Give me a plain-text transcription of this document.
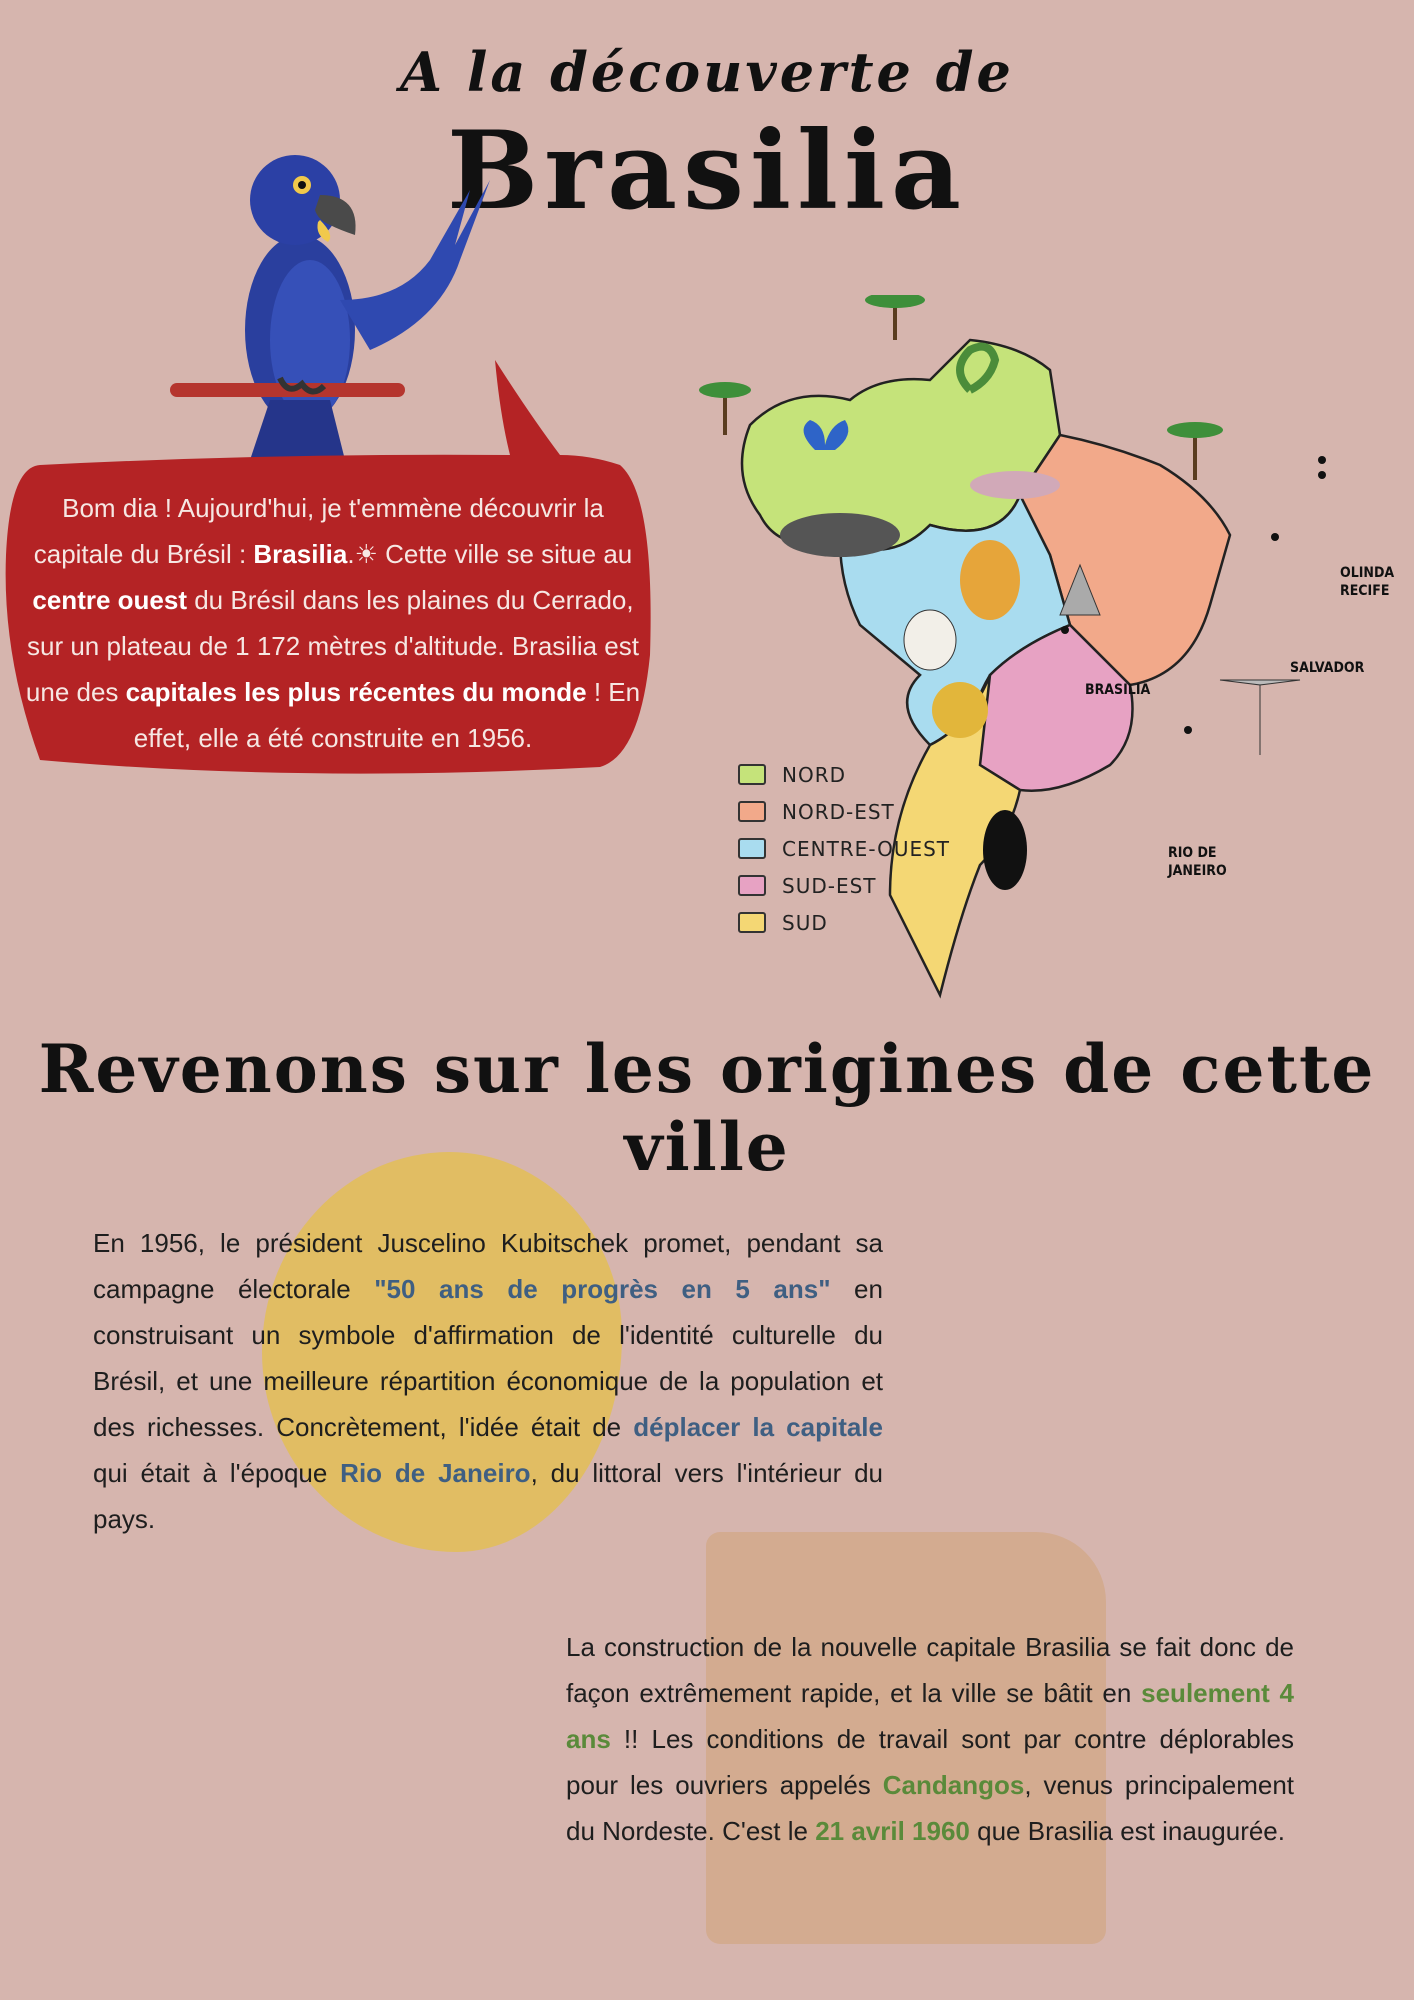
A la découverte de
Brasilia
Bom dia ! Aujourd'hui, je t'emmène découvrir la capitale du Brésil : Brasilia.☀ Cette ville se situe au centre ouest du Brésil dans les plaines du Cerrado, sur un plateau de 1 172 mètres d'altitude. Brasilia est une des capitales les plus récentes du monde ! En effet, elle a été construite en 1956.
OLINDA
RECIFE
SALVADOR
BRASILIA
RIO DE
JANEIRO
NORD
NORD-EST
CENTRE-OUEST
SUD-EST
SUD
Revenons sur les origines de cette ville
En 1956, le président Juscelino Kubitschek promet, pendant sa campagne électorale "50 ans de progrès en 5 ans" en construisant un symbole d'affirmation de l'identité culturelle du Brésil, et une meilleure répartition économique de la population et des richesses. Concrètement, l'idée était de déplacer la capitale qui était à l'époque Rio de Janeiro, du littoral vers l'intérieur du pays.
La construction de la nouvelle capitale Brasilia se fait donc de façon extrêmement rapide, et la ville se bâtit en seulement 4 ans !! Les conditions de travail sont par contre déplorables pour les ouvriers appelés Candangos, venus principalement du Nordeste. C'est le 21 avril 1960 que Brasilia est inaugurée.
